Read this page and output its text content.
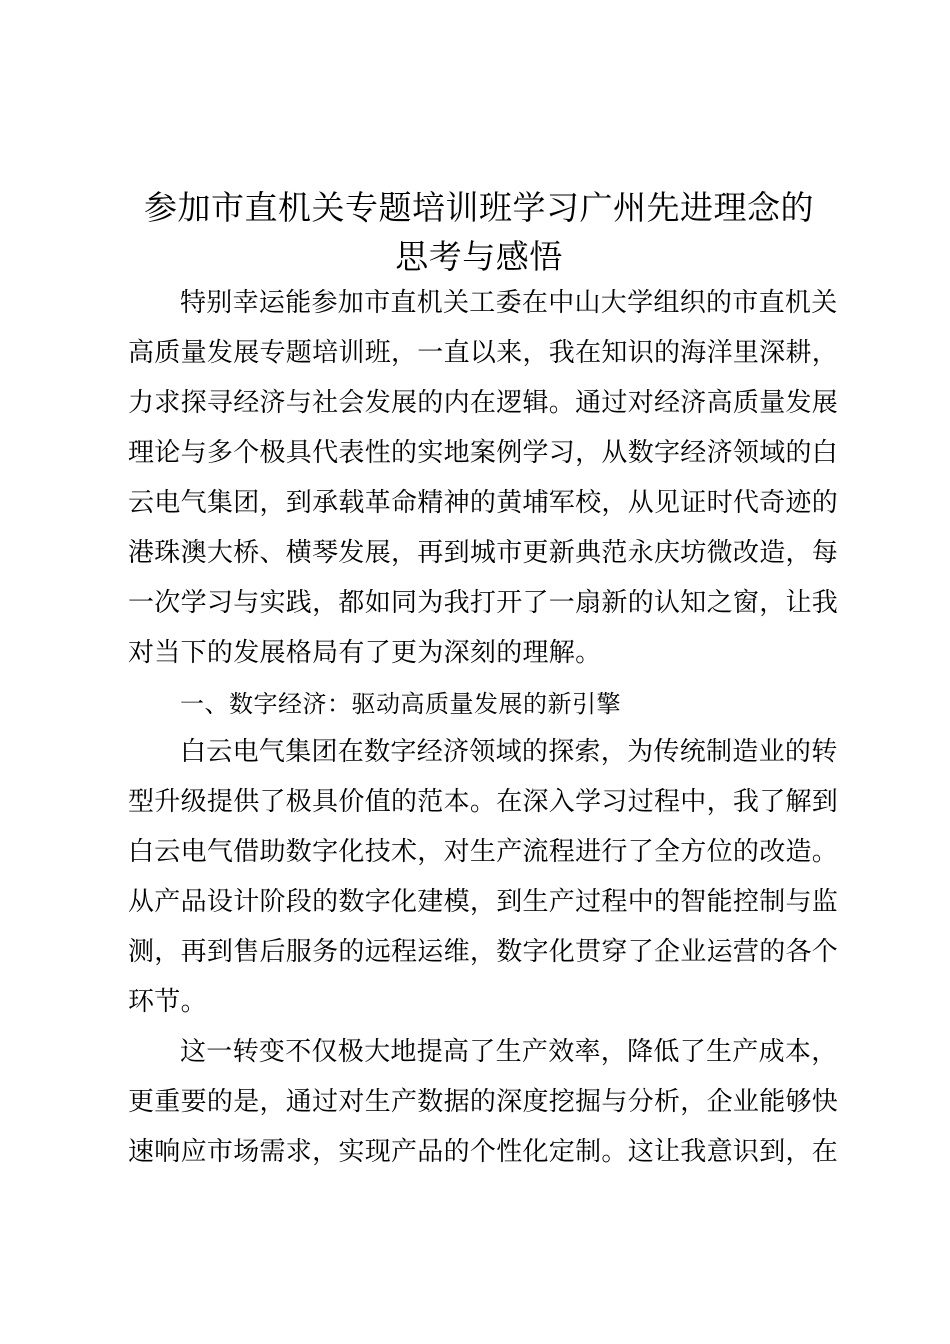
参加市直机关专题培训班学习广州先进理念的
思考与感悟
特别幸运能参加市直机关工委在中山大学组织的市直机关
高质量发展专题培训班，一直以来，我在知识的海洋里深耕，
力求探寻经济与社会发展的内在逻辑。通过对经济高质量发展
理论与多个极具代表性的实地案例学习，从数字经济领域的白
云电气集团，到承载革命精神的黄埔军校，从见证时代奇迹的
港珠澳大桥、横琴发展，再到城市更新典范永庆坊微改造，每
一次学习与实践，都如同为我打开了一扇新的认知之窗，让我
对当下的发展格局有了更为深刻的理解。
一、数字经济：驱动高质量发展的新引擎
白云电气集团在数字经济领域的探索，为传统制造业的转
型升级提供了极具价值的范本。在深入学习过程中，我了解到
白云电气借助数字化技术，对生产流程进行了全方位的改造。
从产品设计阶段的数字化建模，到生产过程中的智能控制与监
测，再到售后服务的远程运维，数字化贯穿了企业运营的各个
环节。
这一转变不仅极大地提高了生产效率，降低了生产成本，
更重要的是，通过对生产数据的深度挖掘与分析，企业能够快
速响应市场需求，实现产品的个性化定制。这让我意识到，在
